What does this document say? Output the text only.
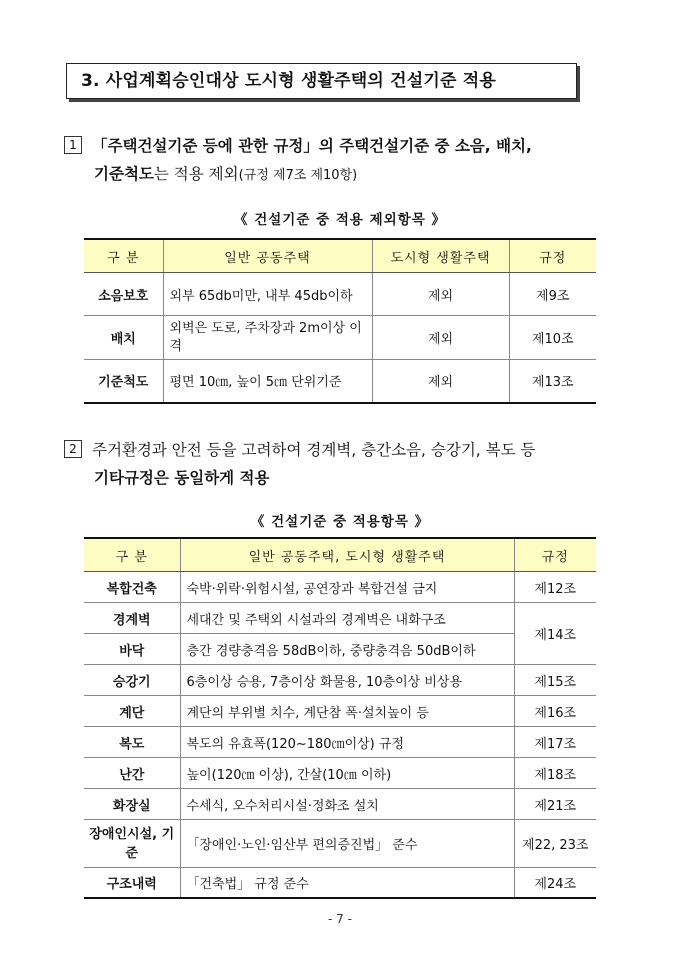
3. 사업계획승인대상 도시형 생활주택의 건설기준 적용
1 「주택건설기준 등에 관한 규정」의 주택건설기준 중 소음, 배치,
기준척도는 적용 제외(규정 제7조 제10항)
《 건설기준 중 적용 제외항목 》
구 분	일반 공동주택	도시형 생활주택	규정
소음보호	외부 65db미만, 내부 45db이하	제외	제9조
배치	외벽은 도로, 주차장과 2m이상 이격	제외	제10조
기준척도	평면 10㎝, 높이 5㎝ 단위기준	제외	제13조
2 주거환경과 안전 등을 고려하여 경계벽, 층간소음, 승강기, 복도 등
기타규정은 동일하게 적용
《 건설기준 중 적용항목 》
구 분	일반 공동주택, 도시형 생활주택	규정
복합건축	숙박·위락·위험시설, 공연장과 복합건설 금지	제12조
경계벽	세대간 및 주택외 시설과의 경계벽은 내화구조	제14조
바닥	층간 경량충격음 58dB이하, 중량충격음 50dB이하	
승강기	6층이상 승용, 7층이상 화물용, 10층이상 비상용	제15조
계단	계단의 부위별 치수, 계단참 폭·설치높이 등	제16조
복도	복도의 유효폭(120∼180㎝이상) 규정	제17조
난간	높이(120㎝ 이상), 간살(10㎝ 이하)	제18조
화장실	수세식, 오수처리시설·정화조 설치	제21조
장애인시설, 기준	「장애인·노인·임산부 편의증진법」 준수	제22, 23조
구조내력	「건축법」 규정 준수	제24조
- 7 -
